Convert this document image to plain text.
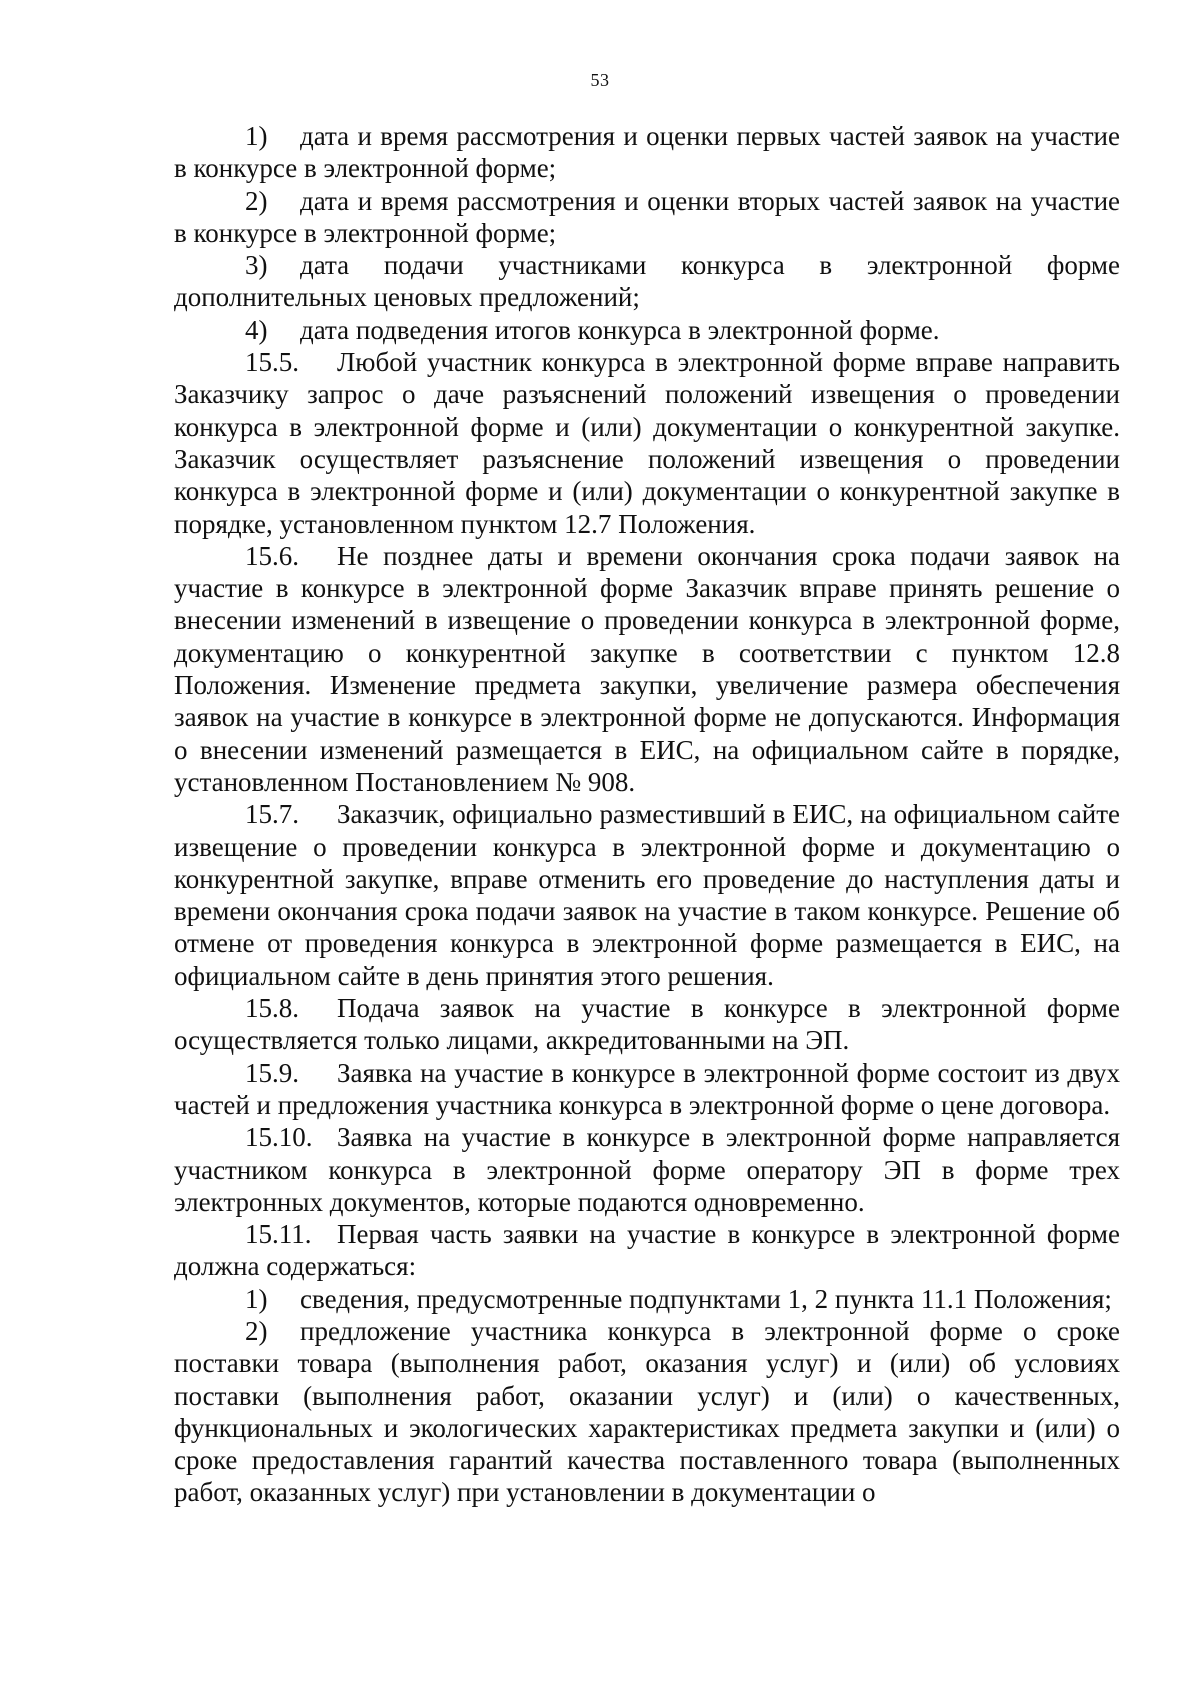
53

1) дата и время рассмотрения и оценки первых частей заявок на участие в конкурсе в электронной форме;

2) дата и время рассмотрения и оценки вторых частей заявок на участие в конкурсе в электронной форме;

3) дата подачи участниками конкурса в электронной форме дополнительных ценовых предложений;

4) дата подведения итогов конкурса в электронной форме.

15.5. Любой участник конкурса в электронной форме вправе направить Заказчику запрос о даче разъяснений положений извещения о проведении конкурса в электронной форме и (или) документации о конкурентной закупке. Заказчик осуществляет разъяснение положений извещения о проведении конкурса в электронной форме и (или) документации о конкурентной закупке в порядке, установленном пунктом 12.7 Положения.

15.6. Не позднее даты и времени окончания срока подачи заявок на участие в конкурсе в электронной форме Заказчик вправе принять решение о внесении изменений в извещение о проведении конкурса в электронной форме, документацию о конкурентной закупке в соответствии с пунктом 12.8 Положения. Изменение предмета закупки, увеличение размера обеспечения заявок на участие в конкурсе в электронной форме не допускаются. Информация о внесении изменений размещается в ЕИС, на официальном сайте в порядке, установленном Постановлением № 908.

15.7. Заказчик, официально разместивший в ЕИС, на официальном сайте извещение о проведении конкурса в электронной форме и документацию о конкурентной закупке, вправе отменить его проведение до наступления даты и времени окончания срока подачи заявок на участие в таком конкурсе. Решение об отмене от проведения конкурса в электронной форме размещается в ЕИС, на официальном сайте в день принятия этого решения.

15.8. Подача заявок на участие в конкурсе в электронной форме осуществляется только лицами, аккредитованными на ЭП.

15.9. Заявка на участие в конкурсе в электронной форме состоит из двух частей и предложения участника конкурса в электронной форме о цене договора.

15.10. Заявка на участие в конкурсе в электронной форме направляется участником конкурса в электронной форме оператору ЭП в форме трех электронных документов, которые подаются одновременно.

15.11. Первая часть заявки на участие в конкурсе в электронной форме должна содержаться:

1) сведения, предусмотренные подпунктами 1, 2 пункта 11.1 Положения;

2) предложение участника конкурса в электронной форме о сроке поставки товара (выполнения работ, оказания услуг) и (или) об условиях поставки (выполнения работ, оказании услуг) и (или) о качественных, функциональных и экологических характеристиках предмета закупки и (или) о сроке предоставления гарантий качества поставленного товара (выполненных работ, оказанных услуг) при установлении в документации о
